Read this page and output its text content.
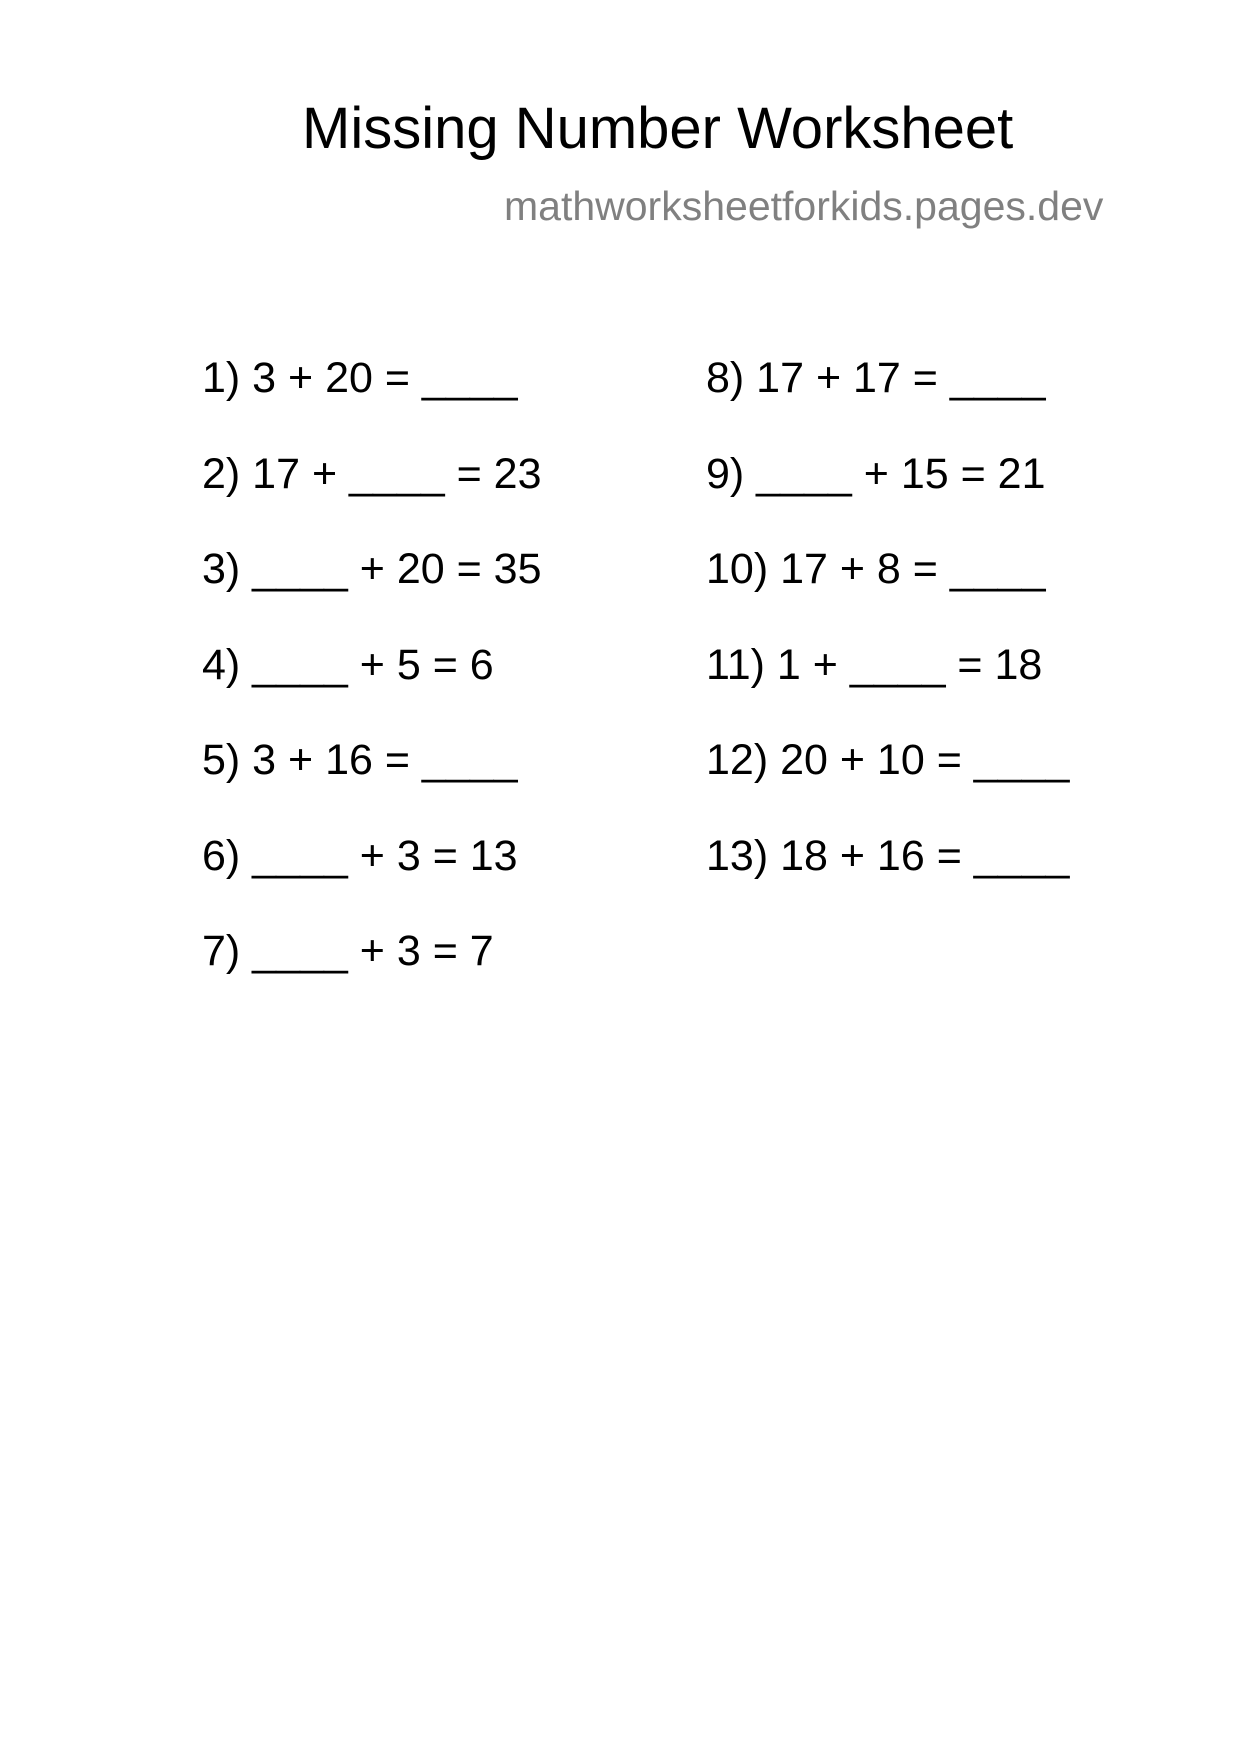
Missing Number Worksheet
mathworksheetforkids.pages.dev
1) 3 + 20 = ____
2) 17 + ____ = 23
3) ____ + 20 = 35
4) ____ + 5 = 6
5) 3 + 16 = ____
6) ____ + 3 = 13
7) ____ + 3 = 7
8) 17 + 17 = ____
9) ____ + 15 = 21
10) 17 + 8 = ____
11) 1 + ____ = 18
12) 20 + 10 = ____
13) 18 + 16 = ____
